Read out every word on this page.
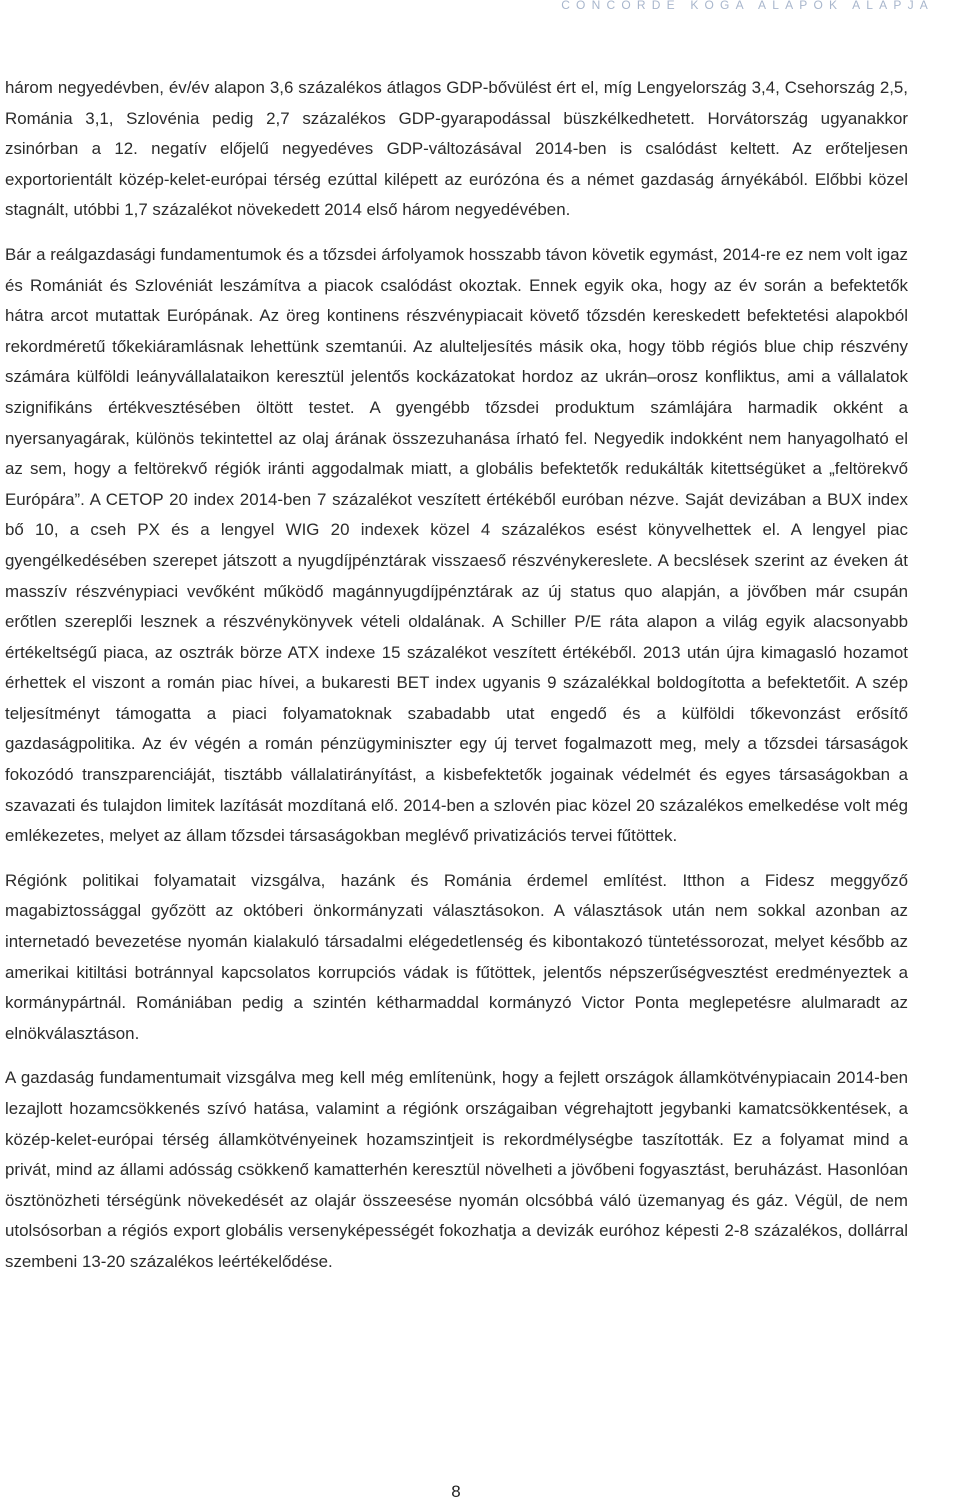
CONCORDE KOGA ALAPOK ALAPJA

három negyedévben, év/év alapon 3,6 százalékos átlagos GDP-bővülést ért el, míg Lengyelország 3,4, Csehország 2,5, Románia 3,1, Szlovénia pedig 2,7 százalékos GDP-gyarapodással büszkélkedhetett. Horvátország ugyanakkor zsinórban a 12. negatív előjelű negyedéves GDP-változásával 2014-ben is csalódást keltett. Az erőteljesen exportorientált közép-kelet-európai térség ezúttal kilépett az eurózóna és a német gazdaság árnyékából. Előbbi közel stagnált, utóbbi 1,7 százalékot növekedett 2014 első három negyedévében.

Bár a reálgazdasági fundamentumok és a tőzsdei árfolyamok hosszabb távon követik egymást, 2014-re ez nem volt igaz és Romániát és Szlovéniát leszámítva a piacok csalódást okoztak. Ennek egyik oka, hogy az év során a befektetők hátra arcot mutattak Európának. Az öreg kontinens részvénypiacait követő tőzsdén kereskedett befektetési alapokból rekordméretű tőkekiáramlásnak lehettünk szemtanúi. Az alulteljesítés másik oka, hogy több régiós blue chip részvény számára külföldi leányvállalataikon keresztül jelentős kockázatokat hordoz az ukrán–orosz konfliktus, ami a vállalatok szignifikáns értékvesztésében öltött testet. A gyengébb tőzsdei produktum számlájára harmadik okként a nyersanyagárak, különös tekintettel az olaj árának összezuhanása írható fel. Negyedik indokként nem hanyagolható el az sem, hogy a feltörekvő régiók iránti aggodalmak miatt, a globális befektetők redukálták kitettségüket a „feltörekvő Európára”. A CETOP 20 index 2014-ben 7 százalékot veszített értékéből euróban nézve. Saját devizában a BUX index bő 10, a cseh PX és a lengyel WIG 20 indexek közel 4 százalékos esést könyvelhettek el. A lengyel piac gyengélkedésében szerepet játszott a nyugdíjpénztárak visszaeső részvénykereslete. A becslések szerint az éveken át masszív részvénypiaci vevőként működő magánnyugdíjpénztárak az új status quo alapján, a jövőben már csupán erőtlen szereplői lesznek a részvénykönyvek vételi oldalának. A Schiller P/E ráta alapon a világ egyik alacsonyabb értékeltségű piaca, az osztrák börze ATX indexe 15 százalékot veszített értékéből. 2013 után újra kimagasló hozamot érhettek el viszont a román piac hívei, a bukaresti BET index ugyanis 9 százalékkal boldogította a befektetőit. A szép teljesítményt támogatta a piaci folyamatoknak szabadabb utat engedő és a külföldi tőkevonzást erősítő gazdaságpolitika. Az év végén a román pénzügyminiszter egy új tervet fogalmazott meg, mely a tőzsdei társaságok fokozódó transzparenciáját, tisztább vállalatirányítást, a kisbefektetők jogainak védelmét és egyes társaságokban a szavazati és tulajdon limitek lazítását mozdítaná elő. 2014-ben a szlovén piac közel 20 százalékos emelkedése volt még emlékezetes, melyet az állam tőzsdei társaságokban meglévő privatizációs tervei fűtöttek.

Régiónk politikai folyamatait vizsgálva, hazánk és Románia érdemel említést. Itthon a Fidesz meggyőző magabiztossággal győzött az októberi önkormányzati választásokon. A választások után nem sokkal azonban az internetadó bevezetése nyomán kialakuló társadalmi elégedetlenség és kibontakozó tüntetéssorozat, melyet később az amerikai kitiltási botránnyal kapcsolatos korrupciós vádak is fűtöttek, jelentős népszerűségvesztést eredményeztek a kormánypártnál. Romániában pedig a szintén kétharmaddal kormányzó Victor Ponta meglepetésre alulmaradt az elnökválasztáson.

A gazdaság fundamentumait vizsgálva meg kell még említenünk, hogy a fejlett országok államkötvénypiacain 2014-ben lezajlott hozamcsökkenés szívó hatása, valamint a régiónk országaiban végrehajtott jegybanki kamatcsökkentések, a közép-kelet-európai térség államkötvényeinek hozamszintjeit is rekordmélységbe taszították. Ez a folyamat mind a privát, mind az állami adósság csökkenő kamatterhén keresztül növelheti a jövőbeni fogyasztást, beruházást. Hasonlóan ösztönözheti térségünk növekedését az olajár összeesése nyomán olcsóbbá váló üzemanyag és gáz. Végül, de nem utolsósorban a régiós export globális versenyképességét fokozhatja a devizák euróhoz képesti 2-8 százalékos, dollárral szembeni 13-20 százalékos leértékelődése.

8
